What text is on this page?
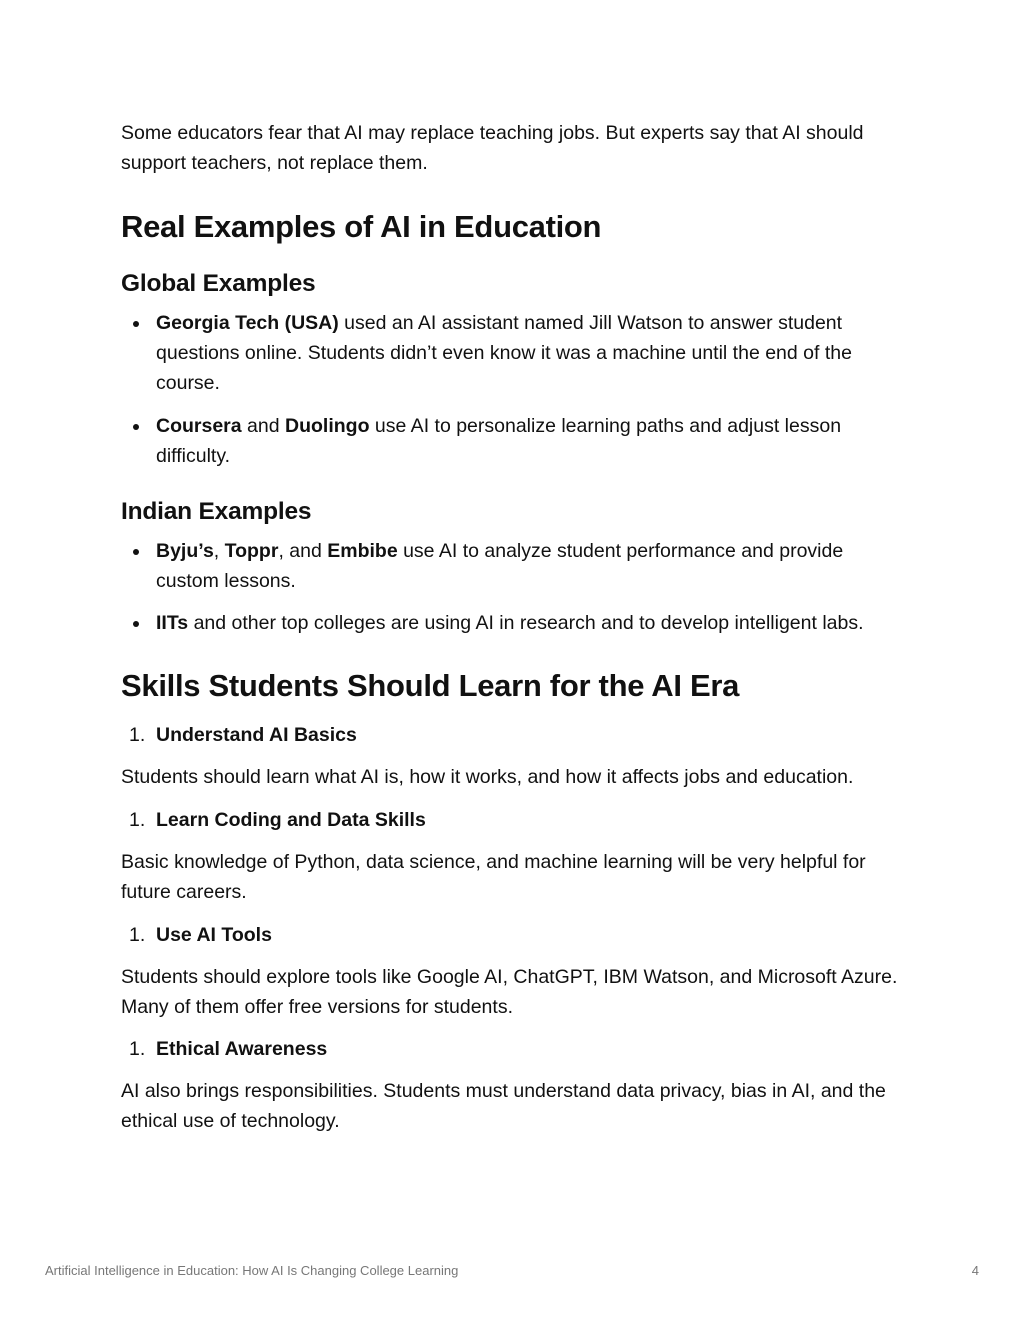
Some educators fear that AI may replace teaching jobs. But experts say that AI should support teachers, not replace them.

Real Examples of AI in Education
Global Examples
Georgia Tech (USA) used an AI assistant named Jill Watson to answer student questions online. Students didn’t even know it was a machine until the end of the course.
Coursera and Duolingo use AI to personalize learning paths and adjust lesson difficulty.
Indian Examples
Byju’s, Toppr, and Embibe use AI to analyze student performance and provide custom lessons.
IITs and other top colleges are using AI in research and to develop intelligent labs.
Skills Students Should Learn for the AI Era
1. Understand AI Basics

Students should learn what AI is, how it works, and how it affects jobs and education.

1. Learn Coding and Data Skills

Basic knowledge of Python, data science, and machine learning will be very helpful for future careers.

1. Use AI Tools

Students should explore tools like Google AI, ChatGPT, IBM Watson, and Microsoft Azure. Many of them offer free versions for students.

1. Ethical Awareness

AI also brings responsibilities. Students must understand data privacy, bias in AI, and the ethical use of technology.

Artificial Intelligence in Education: How AI Is Changing College Learning	4
